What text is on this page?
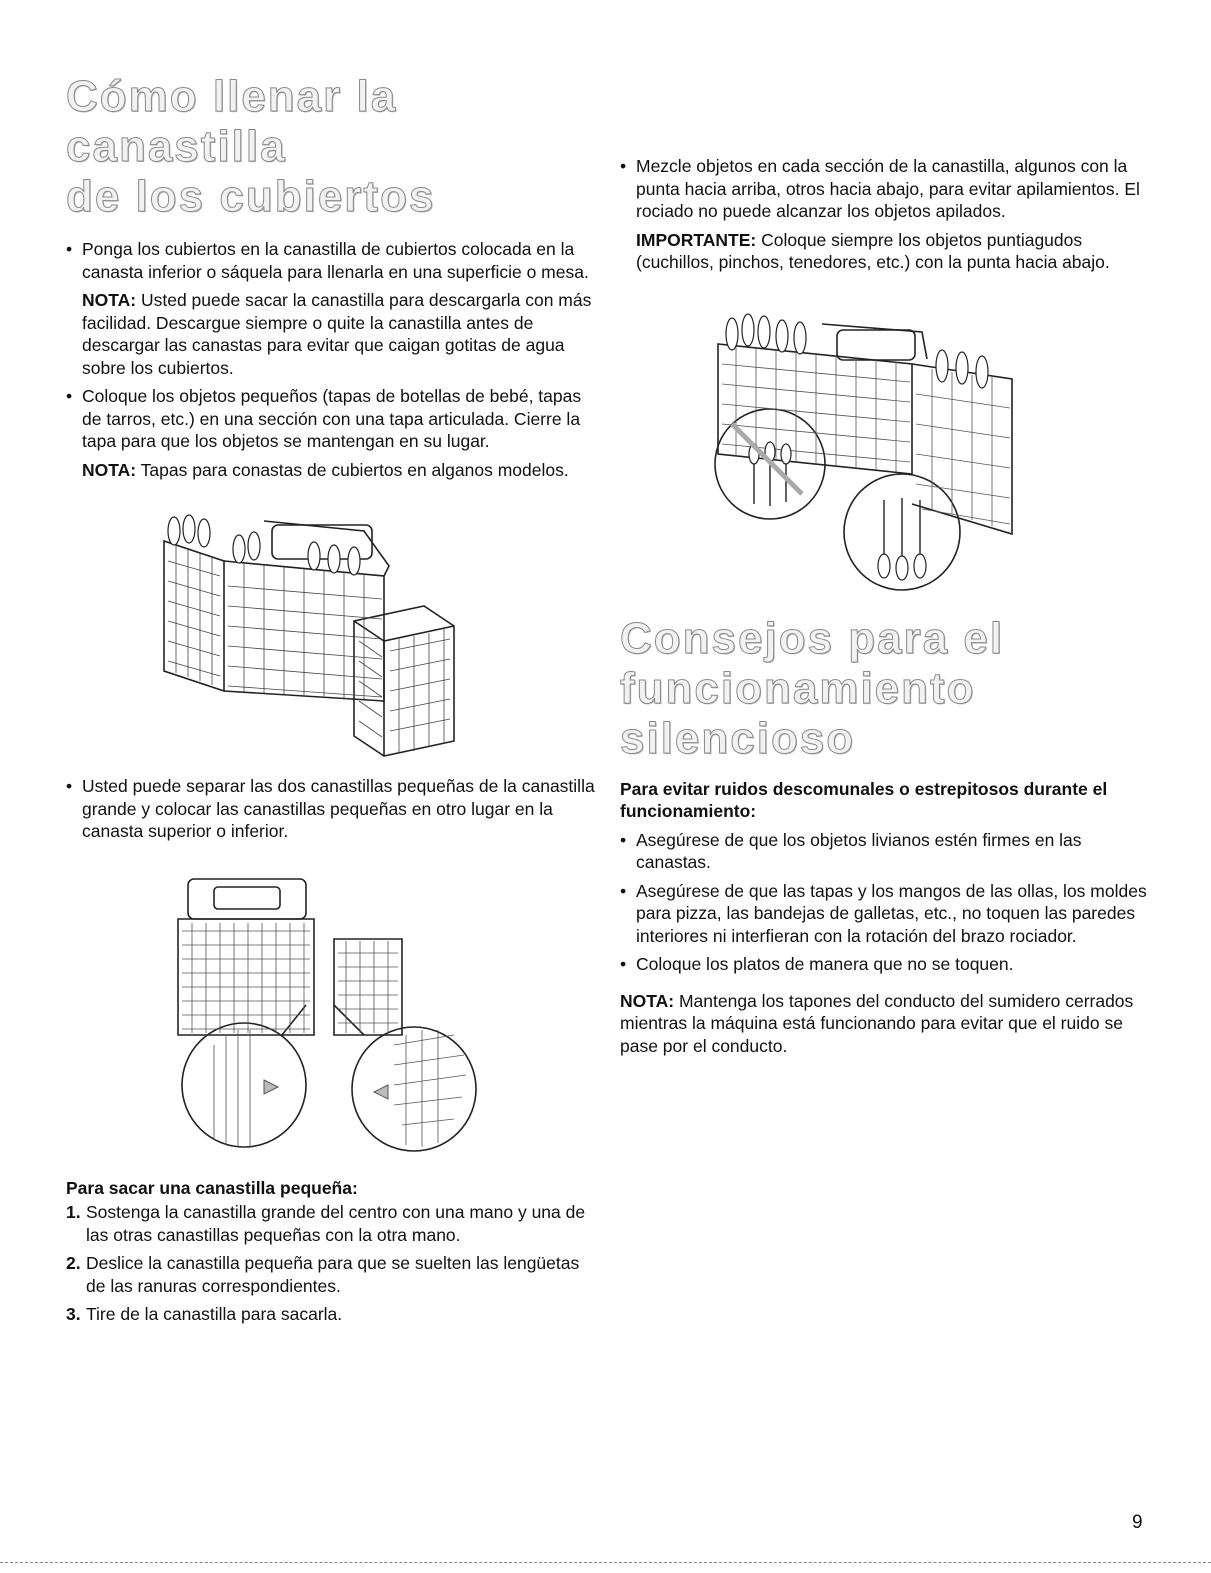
Cómo llenar la canastilla
de los cubiertos

• Ponga los cubiertos en la canastilla de cubiertos colocada en la canasta inferior o sáquela para llenarla en una superficie o mesa.

NOTA: Usted puede sacar la canastilla para descargarla con más facilidad. Descargue siempre o quite la canastilla antes de descargar las canastas para evitar que caigan gotitas de agua sobre los cubiertos.

• Coloque los objetos pequeños (tapas de botellas de bebé, tapas de tarros, etc.) en una sección con una tapa articulada. Cierre la tapa para que los objetos se mantengan en su lugar.

NOTA: Tapas para conastas de cubiertos en alganos modelos.

• Usted puede separar las dos canastillas pequeñas de la canastilla grande y colocar las canastillas pequeñas en otro lugar en la canasta superior o inferior.

Para sacar una canastilla pequeña:

1. Sostenga la canastilla grande del centro con una mano y una de las otras canastillas pequeñas con la otra mano.

2. Deslice la canastilla pequeña para que se suelten las lengüetas de las ranuras correspondientes.

3. Tire de la canastilla para sacarla.

• Mezcle objetos en cada sección de la canastilla, algunos con la punta hacia arriba, otros hacia abajo, para evitar apilamientos. El rociado no puede alcanzar los objetos apilados.

IMPORTANTE: Coloque siempre los objetos puntiagudos (cuchillos, pinchos, tenedores, etc.) con la punta hacia abajo.

Consejos para el
funcionamiento silencioso

Para evitar ruidos descomunales o estrepitosos durante el funcionamiento:

• Asegúrese de que los objetos livianos estén firmes en las canastas.

• Asegúrese de que las tapas y los mangos de las ollas, los moldes para pizza, las bandejas de galletas, etc., no toquen las paredes interiores ni interfieran con la rotación del brazo rociador.

• Coloque los platos de manera que no se toquen.

NOTA: Mantenga los tapones del conducto del sumidero cerrados mientras la máquina está funcionando para evitar que el ruido se pase por el conducto.

9
